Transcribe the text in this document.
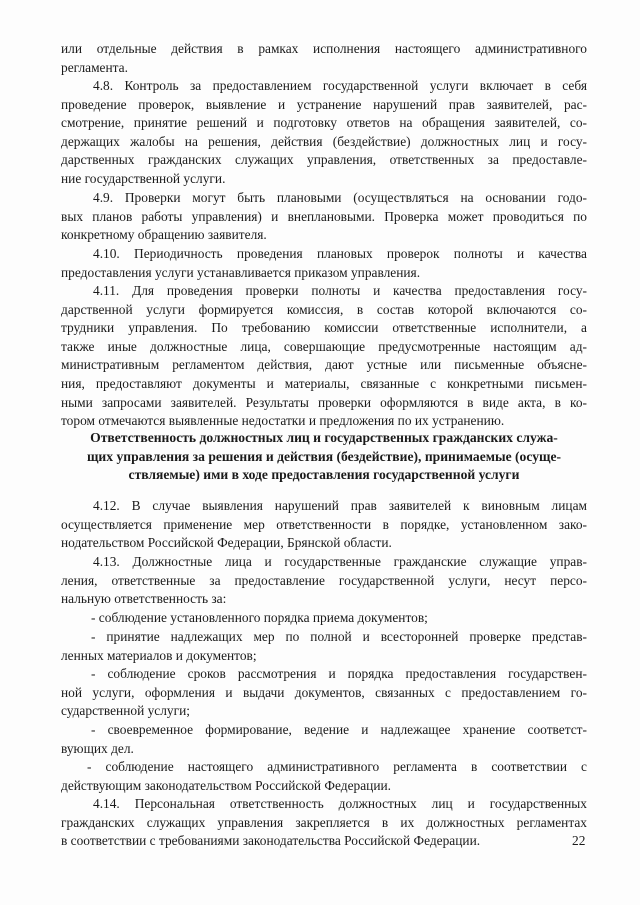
или отдельные действия в рамках исполнения настоящего административного
регламента.
4.8. Контроль за предоставлением государственной услуги включает в себя
проведение проверок, выявление и устранение нарушений прав заявителей, рас-
смотрение, принятие решений и подготовку ответов на обращения заявителей, со-
держащих жалобы на решения, действия (бездействие) должностных лиц и госу-
дарственных гражданских служащих управления, ответственных за предоставле-
ние государственной услуги.
4.9. Проверки могут быть плановыми (осуществляться на основании годо-
вых планов работы управления) и внеплановыми. Проверка может проводиться по
конкретному обращению заявителя.
4.10. Периодичность проведения плановых проверок полноты и качества
предоставления услуги устанавливается приказом управления.
4.11. Для проведения проверки полноты и качества предоставления госу-
дарственной услуги формируется комиссия, в состав которой включаются со-
трудники управления. По требованию комиссии ответственные исполнители, а
также иные должностные лица, совершающие предусмотренные настоящим ад-
министративным регламентом действия, дают устные или письменные объясне-
ния, предоставляют документы и материалы, связанные с конкретными письмен-
ными запросами заявителей. Результаты проверки оформляются в виде акта, в ко-
тором отмечаются выявленные недостатки и предложения по их устранению.
Ответственность должностных лиц и государственных гражданских служа-
щих управления за решения и действия (бездействие), принимаемые (осуще-
ствляемые) ими в ходе предоставления государственной услуги
4.12. В случае выявления нарушений прав заявителей к виновным лицам
осуществляется применение мер ответственности в порядке, установленном зако-
нодательством Российской Федерации, Брянской области.
4.13. Должностные лица и государственные гражданские служащие управ-
ления, ответственные за предоставление государственной услуги, несут персо-
нальную ответственность за:
- соблюдение установленного порядка приема документов;
- принятие надлежащих мер по полной и всесторонней проверке представ-
ленных материалов и документов;
- соблюдение сроков рассмотрения и порядка предоставления государствен-
ной услуги, оформления и выдачи документов, связанных с предоставлением го-
сударственной услуги;
- своевременное формирование, ведение и надлежащее хранение соответст-
вующих дел.
- соблюдение настоящего административного регламента в соответствии с
действующим законодательством Российской Федерации.
4.14. Персональная ответственность должностных лиц и государственных
гражданских служащих управления закрепляется в их должностных регламентах
в соответствии с требованиями законодательства Российской Федерации.	22
